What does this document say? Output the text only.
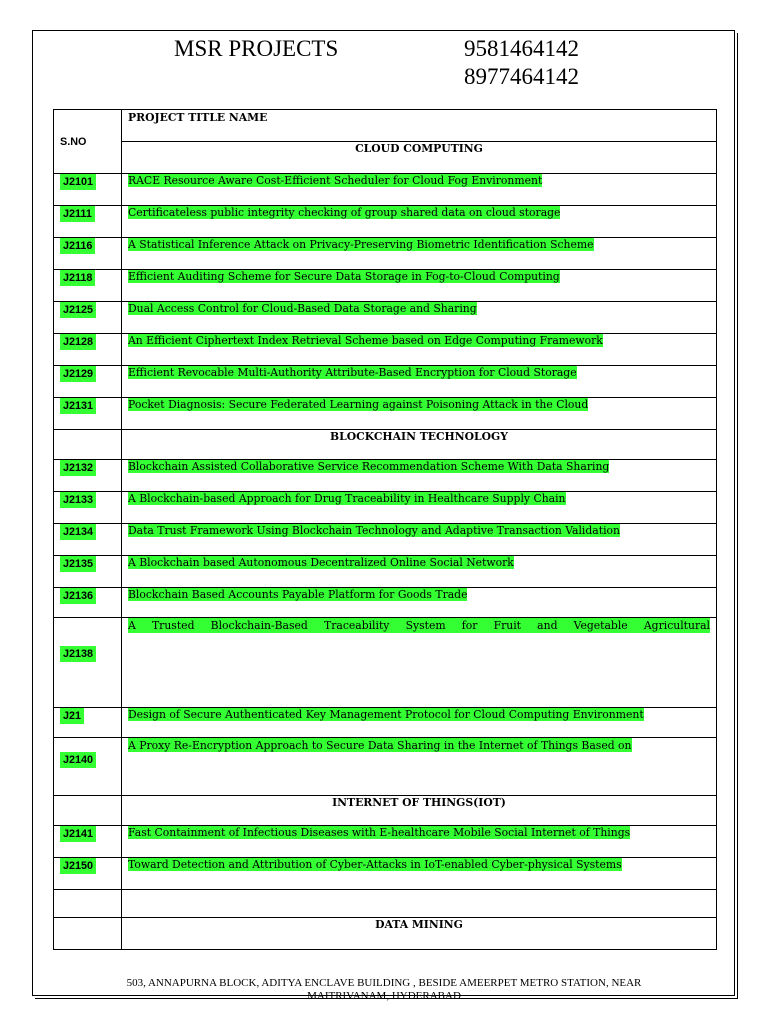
MSR PROJECTS	9581464142
8977464142
S.NO	PROJECT TITLE NAME
	CLOUD COMPUTING
J2101	RACE Resource Aware Cost-Efficient Scheduler for Cloud Fog Environment
J2111	Certificateless public integrity checking of group shared data on cloud storage
J2116	A Statistical Inference Attack on Privacy-Preserving Biometric Identification Scheme
J2118	Efficient Auditing Scheme for Secure Data Storage in Fog-to-Cloud Computing
J2125	Dual Access Control for Cloud-Based Data Storage and Sharing
J2128	An Efficient Ciphertext Index Retrieval Scheme based on Edge Computing Framework
J2129	Efficient Revocable Multi-Authority Attribute-Based Encryption for Cloud Storage
J2131	Pocket Diagnosis: Secure Federated Learning against Poisoning Attack in the Cloud
	BLOCKCHAIN TECHNOLOGY
J2132	Blockchain Assisted Collaborative Service Recommendation Scheme With Data Sharing
J2133	A Blockchain-based Approach for Drug Traceability in Healthcare Supply Chain
J2134	Data Trust Framework Using Blockchain Technology and Adaptive Transaction Validation
J2135	A Blockchain based Autonomous Decentralized Online Social Network
J2136	Blockchain Based Accounts Payable Platform for Goods Trade
J2138	A Trusted Blockchain-Based Traceability System for Fruit and Vegetable Agricultural

J21	Design of Secure Authenticated Key Management Protocol for Cloud Computing Environment
J2140	A Proxy Re-Encryption Approach to Secure Data Sharing in the Internet of Things Based on
	INTERNET OF THINGS(IOT)
J2141	Fast Containment of Infectious Diseases with E-healthcare Mobile Social Internet of Things
J2150	Toward Detection and Attribution of Cyber-Attacks in IoT-enabled Cyber-physical Systems

	DATA MINING
503, ANNAPURNA BLOCK, ADITYA ENCLAVE BUILDING , BESIDE AMEERPET METRO STATION, NEAR
MAITRIVANAM, HYDERABAD
